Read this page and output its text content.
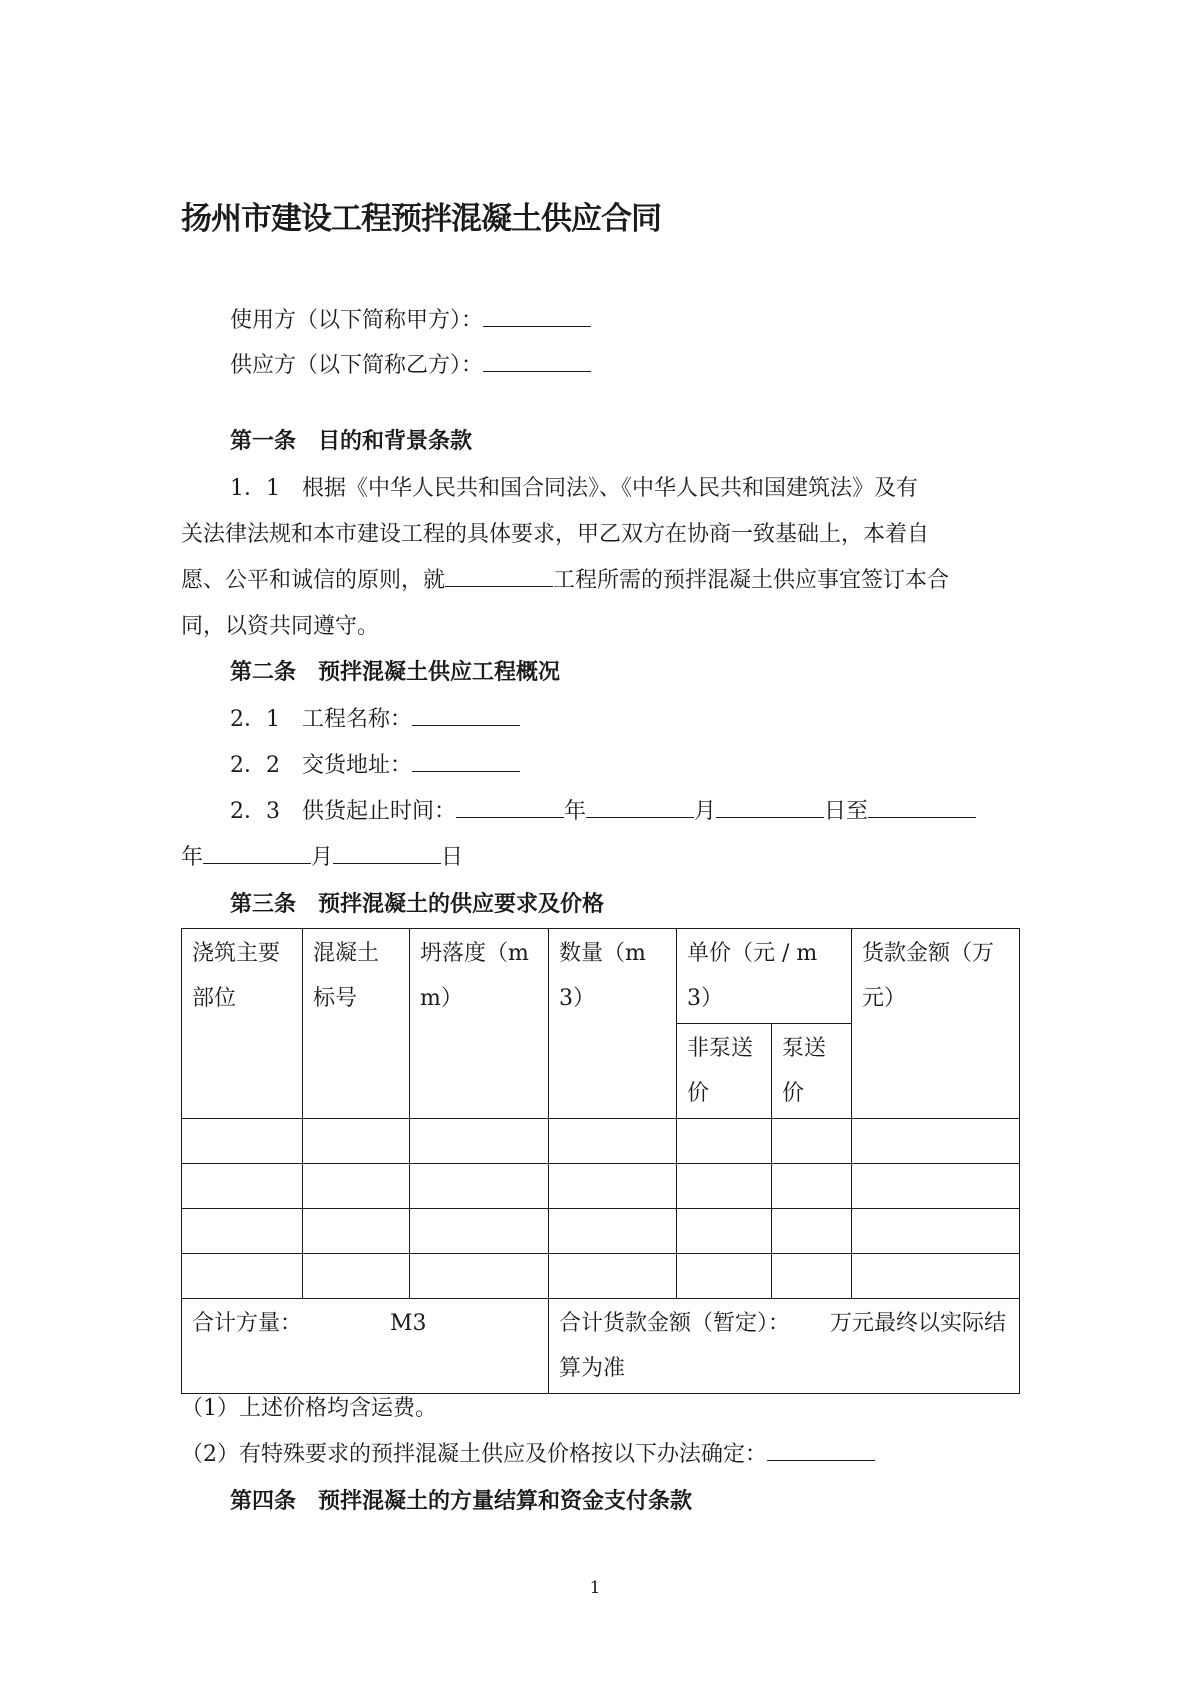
扬州市建设工程预拌混凝土供应合同
使用方（以下简称甲方）：
供应方（以下简称乙方）：
第一条　目的和背景条款
1．1　根据《中华人民共和国合同法》、《中华人民共和国建筑法》及有
关法律法规和本市建设工程的具体要求，甲乙双方在协商一致基础上，本着自
愿、公平和诚信的原则，就	工程所需的预拌混凝土供应事宜签订本合
同，以资共同遵守。
第二条　预拌混凝土供应工程概况
2．1　工程名称：
2．2　交货地址：
2．3　供货起止时间：	年	月	日至
年	月	日
第三条　预拌混凝土的供应要求及价格
浇筑主要部位	混凝土标号	坍落度（mm）	数量（m3）	单价（元 / m3）		货款金额（万元）
				非泵送价	泵送价	

合计方量： M3			合计货款金额（暂定）： 万元最终以实际结算为准			
（1）上述价格均含运费。
（2）有特殊要求的预拌混凝土供应及价格按以下办法确定：
第四条　预拌混凝土的方量结算和资金支付条款
1
